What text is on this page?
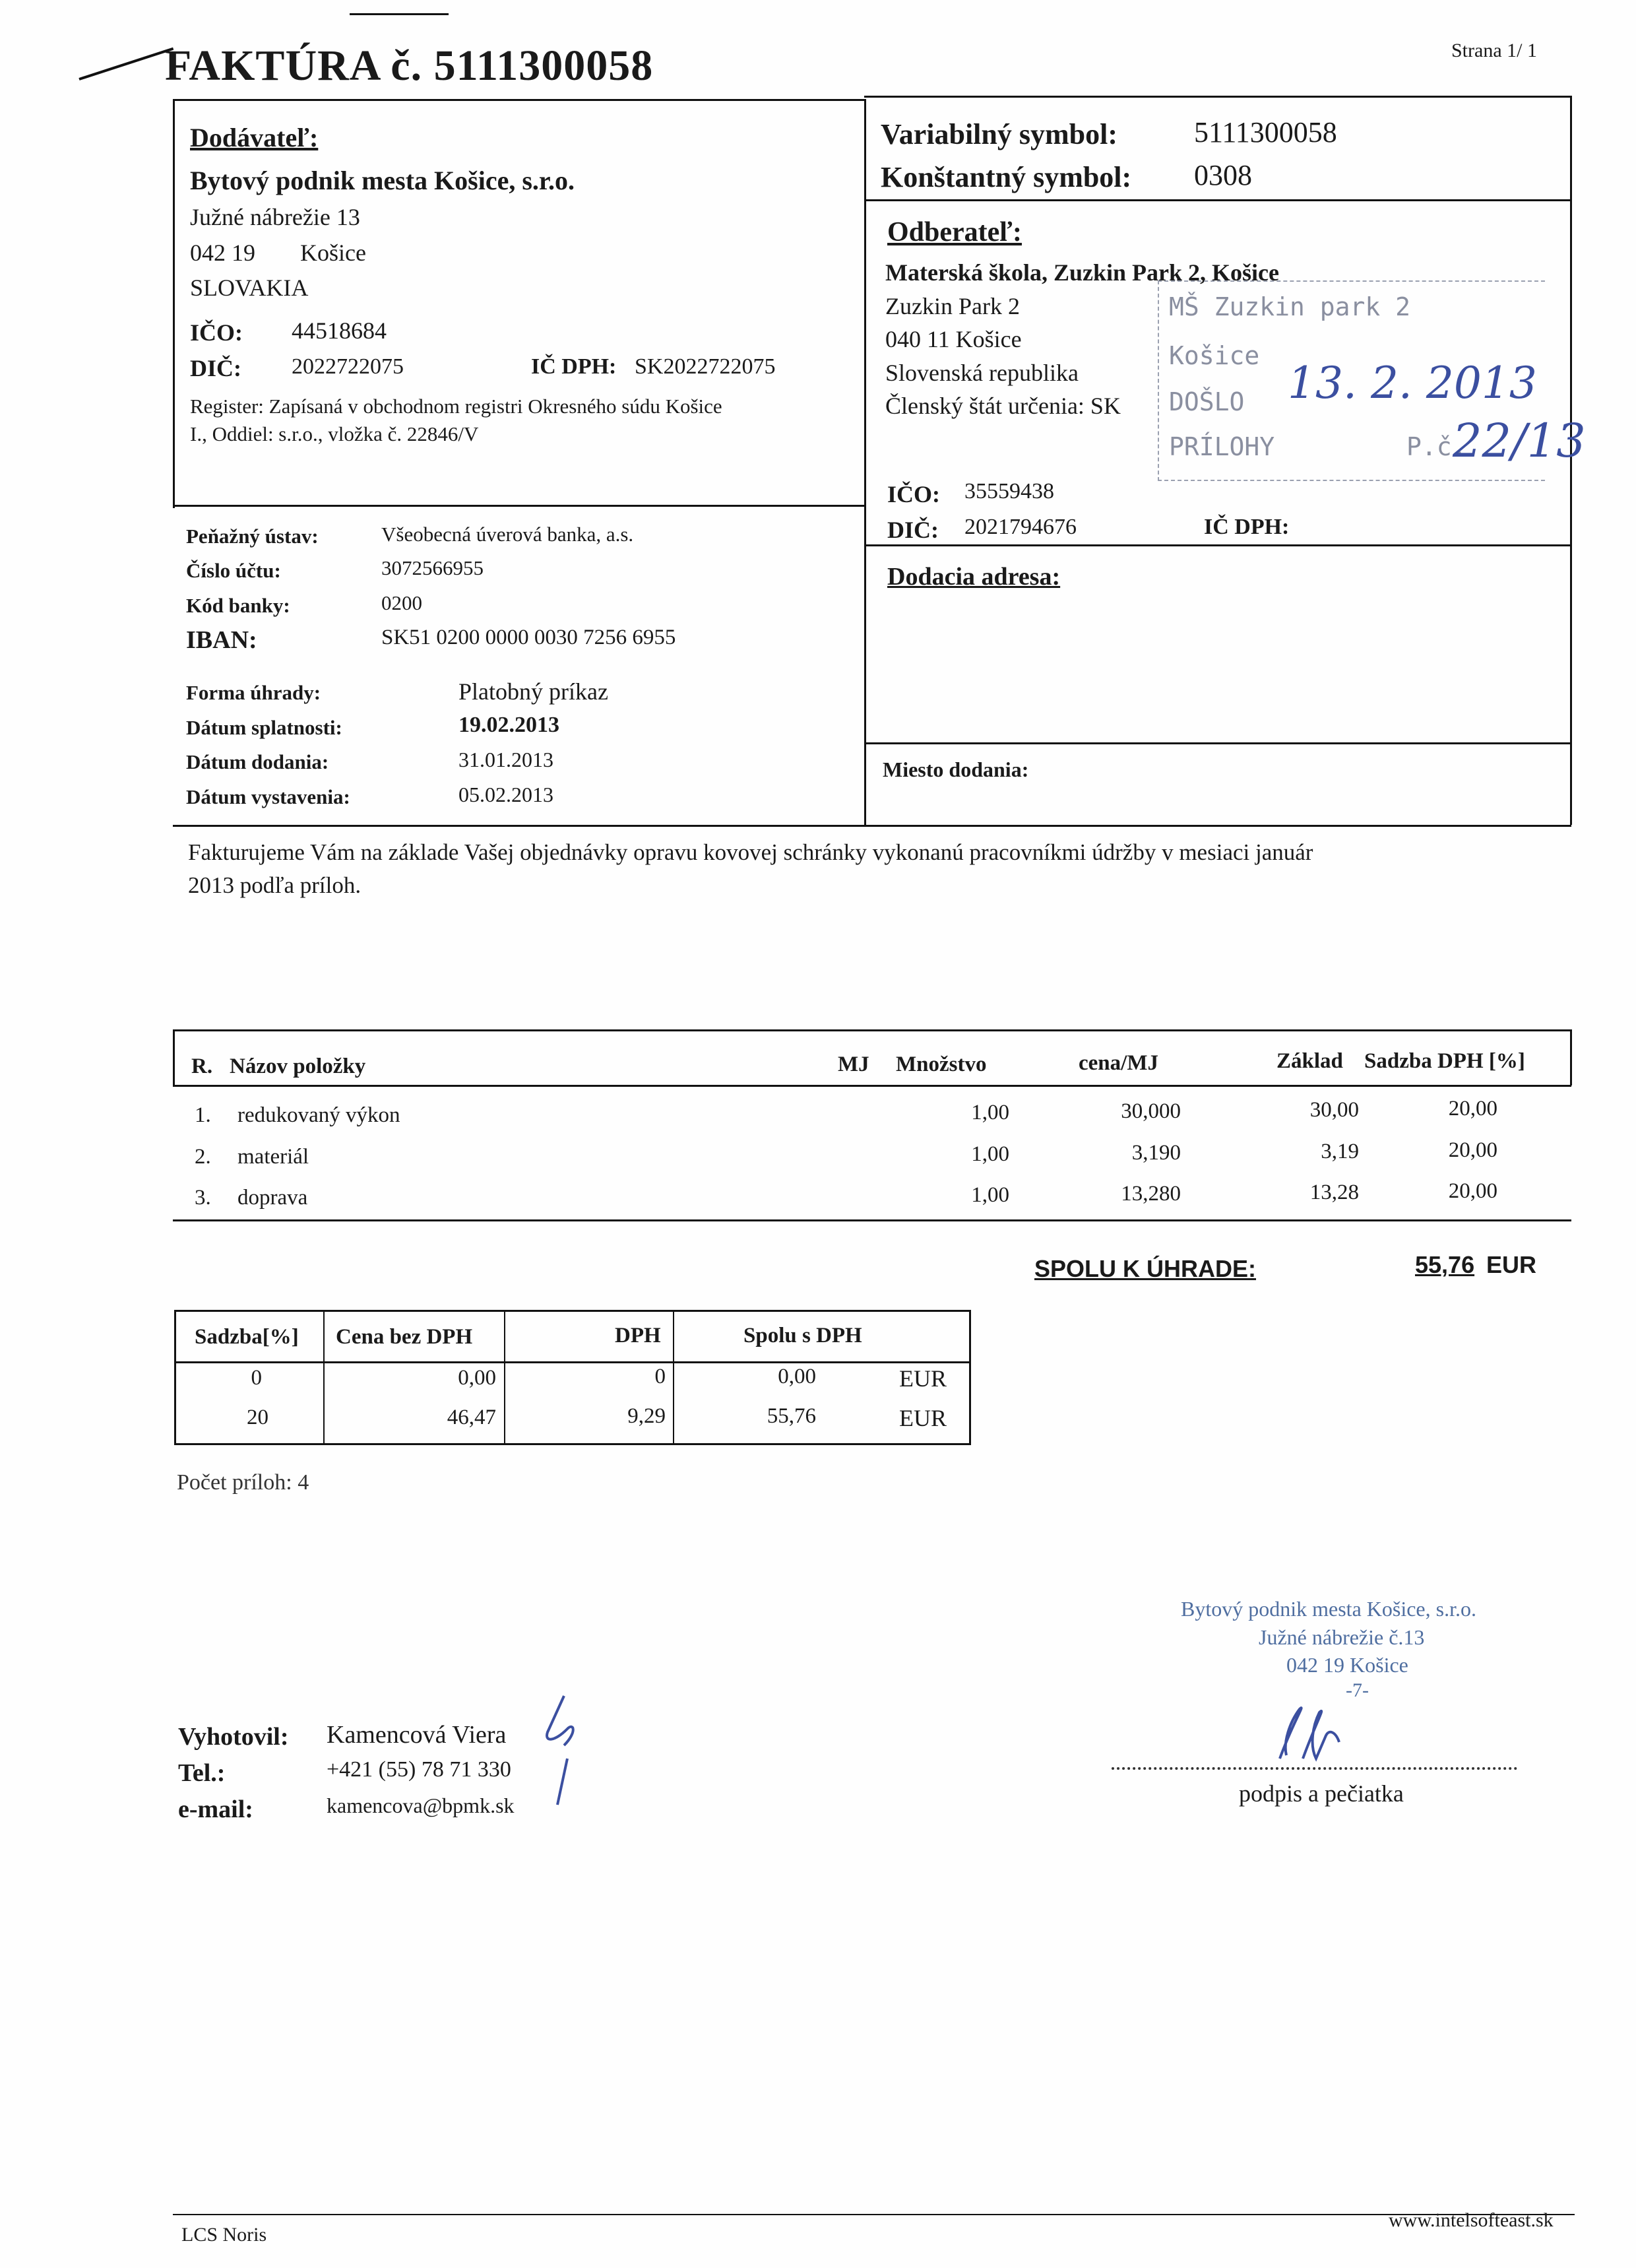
Strana 1/ 1
FAKTÚRA č. 5111300058
Dodávateľ:
Bytový podnik mesta Košice, s.r.o.
Južné nábrežie 13
042 19 Košice
SLOVAKIA
IČO: 44518684
DIČ: 2022722075	IČ DPH: SK2022722075
Register: Zapísaná v obchodnom registri Okresného súdu Košice
I., Oddiel: s.r.o., vložka č. 22846/V
Variabilný symbol:	5111300058
Konštantný symbol: 0308
Odberateľ:
Materská škola, Zuzkin Park 2, Košice
Zuzkin Park 2
040 11 Košice
Slovenská republika
Členský štát určenia: SK
IČO: 35559438
DIČ: 2021794676	IČ DPH:
MŠ Zuzkin park 2
Košice
DOŠLO 13. 2. 2013
PRÍLOHY	P.č.
22/13
Peňažný ústav:	Všeobecná úverová banka, a.s.
Číslo účtu:	3072566955
Kód banky:	0200
IBAN:	SK51 0200 0000 0030 7256 6955
Forma úhrady:	Platobný príkaz
Dátum splatnosti:	19.02.2013
Dátum dodania:	31.01.2013
Dátum vystavenia:	05.02.2013
Dodacia adresa:
Miesto dodania:
Fakturujeme Vám na základe Vašej objednávky opravu kovovej schránky vykonanú pracovníkmi údržby v mesiaci január
2013 podľa príloh.
R. Názov položky	MJ Množstvo	cena/MJ	Základ Sadzba DPH [%]
1. redukovaný výkon	1,00	30,000	30,00	20,00
2. materiál	1,00	3,190	3,19	20,00
3. doprava	1,00	13,280	13,28	20,00
SPOLU K ÚHRADE:	55,76 EUR
Sadzba[%] Cena bez DPH	DPH	Spolu s DPH
0	0,00	0	0,00	EUR
20	46,47	9,29	55,76	EUR
Počet príloh: 4
Bytový podnik mesta Košice, s.r.o.
Južné nábrežie č.13
042 19 Košice
-7-
podpis a pečiatka
Vyhotovil: Kamencová Viera
Tel.:	+421 (55) 78 71 330
e-mail:	kamencova@bpmk.sk
LCS Noris
www.intelsofteast.sk
